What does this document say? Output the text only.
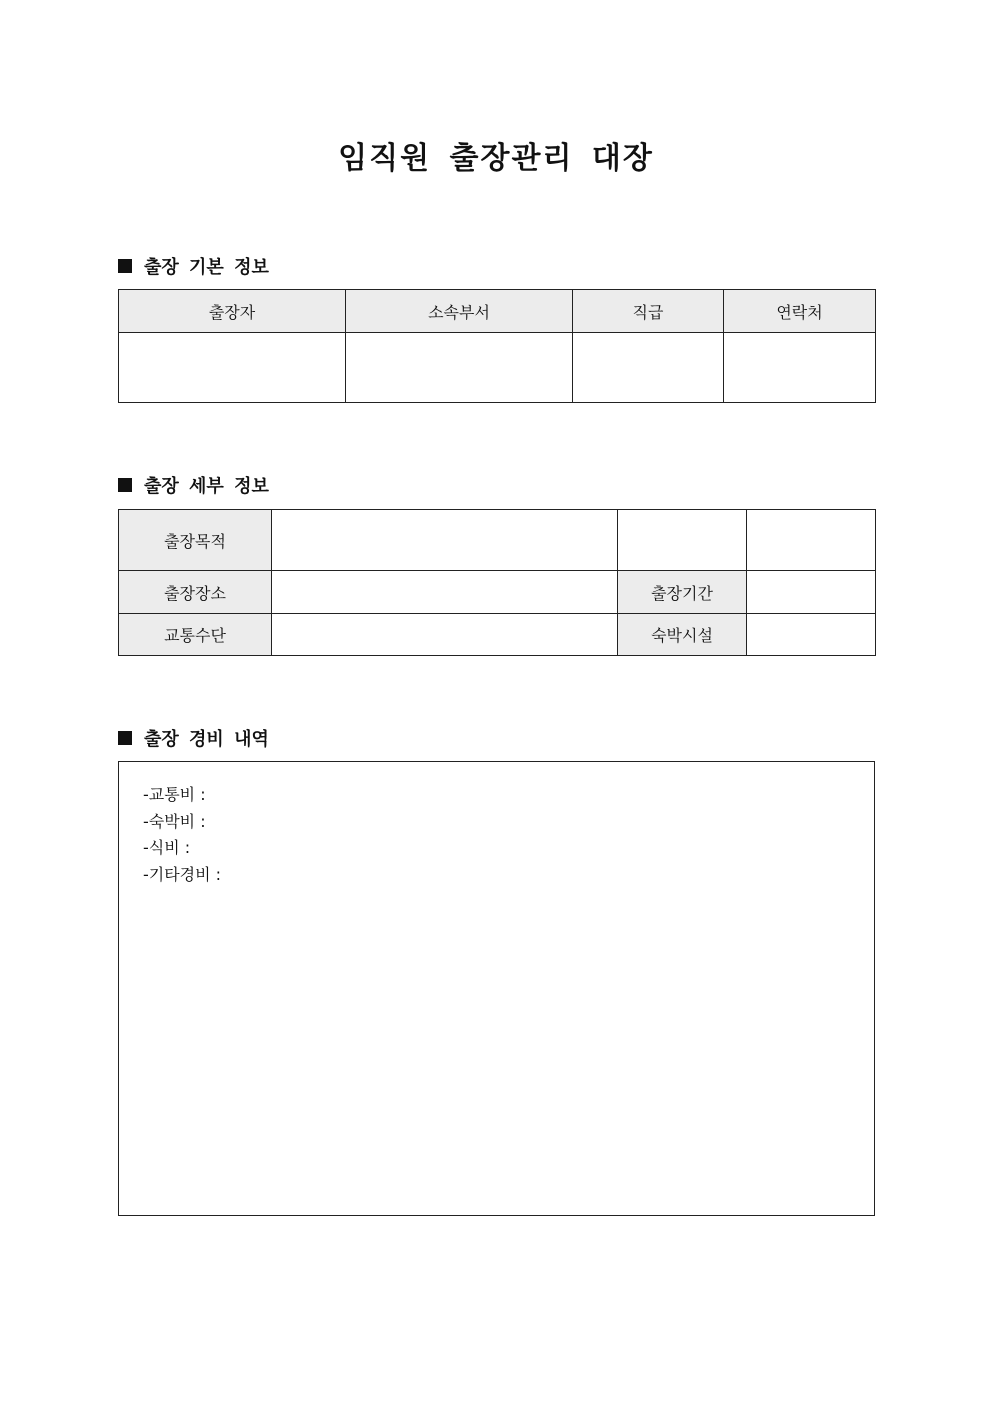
임직원 출장관리 대장
출장 기본 정보
출장자	소속부서	직급	연락처

출장 세부 정보
출장목적			
출장장소		출장기간	
교통수단		숙박시설	
출장 경비 내역
-교통비 :
-숙박비 :
-식비 :
-기타경비 :
